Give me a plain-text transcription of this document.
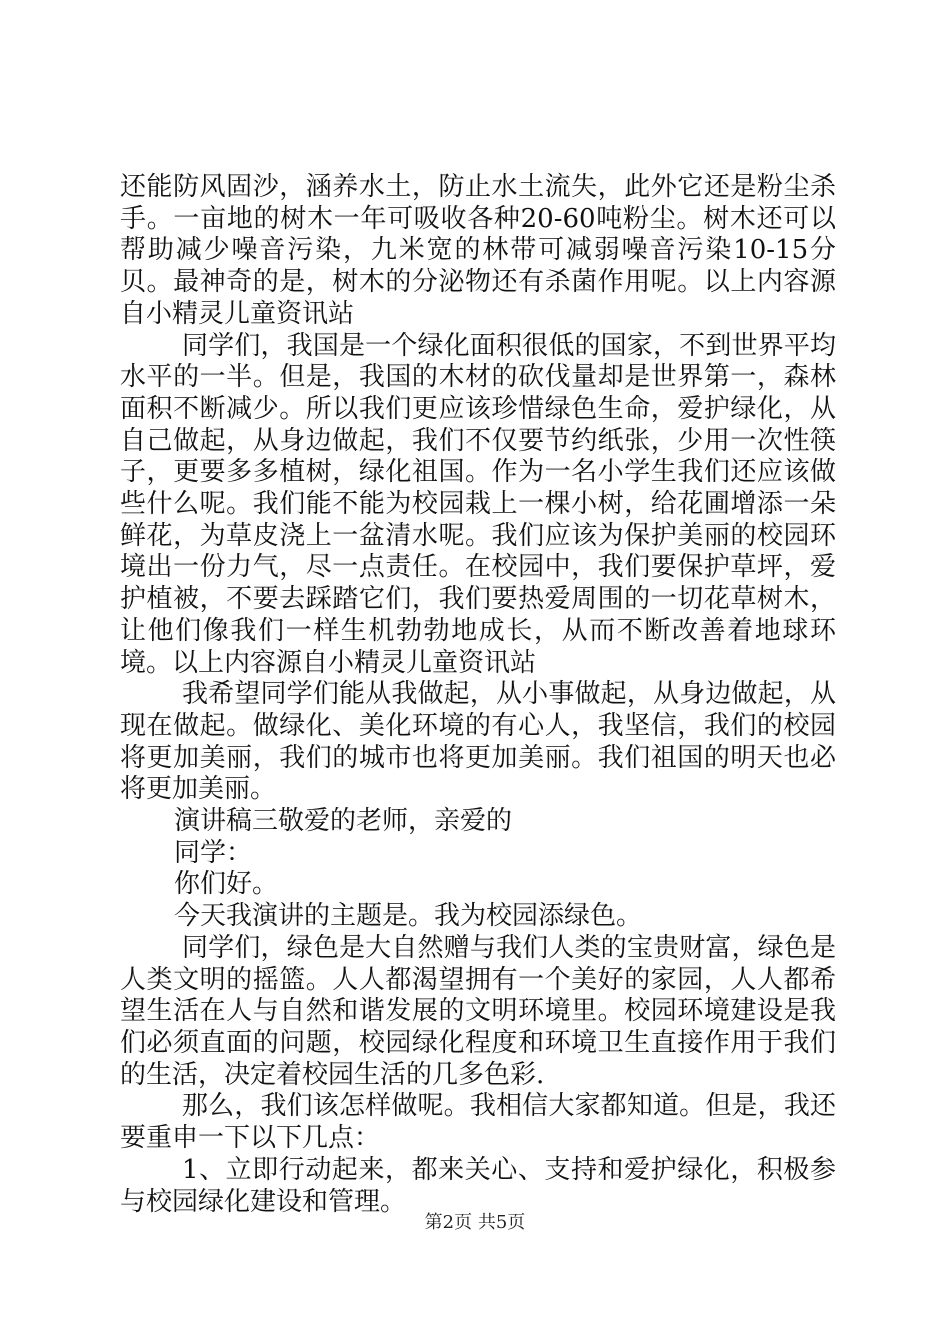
还能防风固沙，涵养水土，防止水土流失，此外它还是粉尘杀手。一亩地的树木一年可吸收各种20-60吨粉尘。树木还可以帮助减少噪音污染，九米宽的林带可减弱噪音污染10-15分贝。最神奇的是，树木的分泌物还有杀菌作用呢。以上内容源自小精灵儿童资讯站

同学们，我国是一个绿化面积很低的国家，不到世界平均水平的一半。但是，我国的木材的砍伐量却是世界第一，森林面积不断减少。所以我们更应该珍惜绿色生命，爱护绿化，从自己做起，从身边做起，我们不仅要节约纸张，少用一次性筷子，更要多多植树，绿化祖国。作为一名小学生我们还应该做些什么呢。我们能不能为校园栽上一棵小树，给花圃增添一朵鲜花，为草皮浇上一盆清水呢。我们应该为保护美丽的校园环境出一份力气，尽一点责任。在校园中，我们要保护草坪，爱护植被，不要去踩踏它们，我们要热爱周围的一切花草树木，让他们像我们一样生机勃勃地成长，从而不断改善着地球环境。以上内容源自小精灵儿童资讯站

我希望同学们能从我做起，从小事做起，从身边做起，从现在做起。做绿化、美化环境的有心人，我坚信，我们的校园将更加美丽，我们的城市也将更加美丽。我们祖国的明天也必将更加美丽。

演讲稿三敬爱的老师，亲爱的

同学：

你们好。

今天我演讲的主题是。我为校园添绿色。

同学们，绿色是大自然赠与我们人类的宝贵财富，绿色是人类文明的摇篮。人人都渴望拥有一个美好的家园，人人都希望生活在人与自然和谐发展的文明环境里。校园环境建设是我们必须直面的问题，校园绿化程度和环境卫生直接作用于我们的生活，决定着校园生活的几多色彩.

那么，我们该怎样做呢。我相信大家都知道。但是，我还要重申一下以下几点：

1、立即行动起来，都来关心、支持和爱护绿化，积极参与校园绿化建设和管理。

第2页 共5页
